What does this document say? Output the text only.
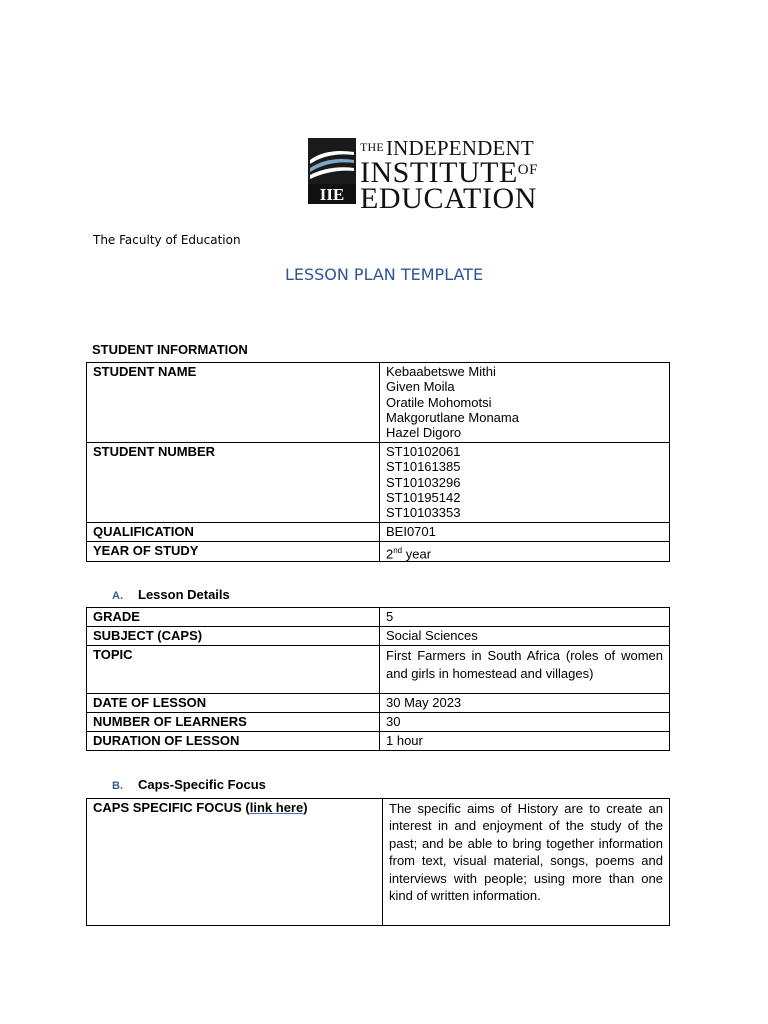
IIE
THEINDEPENDENT
$INSTITUTE^{OF}$
EDUCATION
The Faculty of Education
LESSON PLAN TEMPLATE
STUDENT INFORMATION
STUDENT NAME	Kebaabetswe Mithi
Given Moila
Oratile Mohomotsi
Makgorutlane Monama
Hazel Digoro

STUDENT NUMBER	ST10102061
ST10161385
ST10103296
ST10195142
ST10103353

QUALIFICATION	BEI0701
YEAR OF STUDY	2nd year
A. Lesson Details
GRADE	5
SUBJECT (CAPS)	Social Sciences
TOPIC	First Farmers in South Africa (roles of women and girls in homestead and villages)
DATE OF LESSON	30 May 2023
NUMBER OF LEARNERS	30
DURATION OF LESSON	1 hour
B. Caps-Specific Focus
CAPS SPECIFIC FOCUS (link here)	The specific aims of History are to create an interest in and enjoyment of the study of the past; and be able to bring together information from text, visual material, songs, poems and interviews with people; using more than one kind of written information.
